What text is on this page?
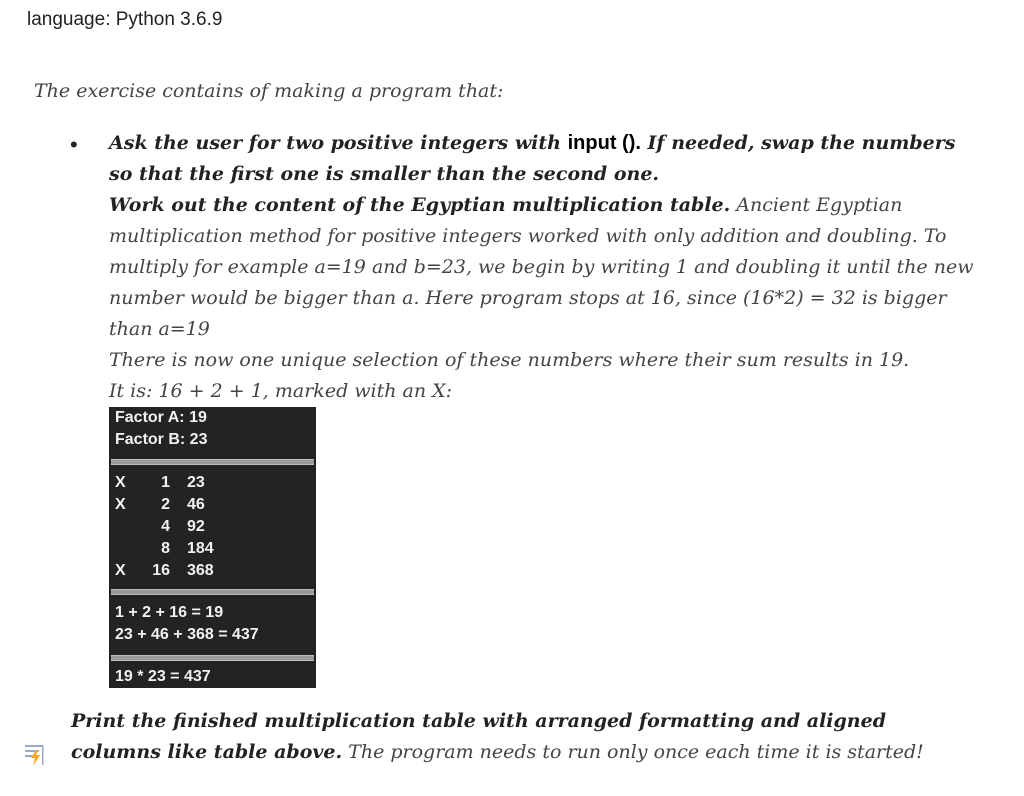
language: Python 3.6.9
The exercise contains of making a program that:
• Ask the user for two positive integers with input (). If needed, swap the numbers so that the first one is smaller than the second one.

Work out the content of the Egyptian multiplication table. Ancient Egyptian multiplication method for positive integers worked with only addition and doubling. To multiply for example a=19 and b=23, we begin by writing 1 and doubling it until the new number would be bigger than a. Here program stops at 16, since (16*2) = 32 is bigger than a=19

There is now one unique selection of these numbers where their sum results in 19.

It is: 16 + 2 + 1, marked with an X:

Factor A: 19
Factor B: 23
X 1 23
X 2 46
4 92
8 184
X 16 368
1 + 2 + 16 = 19
23 + 46 + 368 = 437
19 * 23 = 437
Print the finished multiplication table with arranged formatting and aligned columns like table above. The program needs to run only once each time it is started!
